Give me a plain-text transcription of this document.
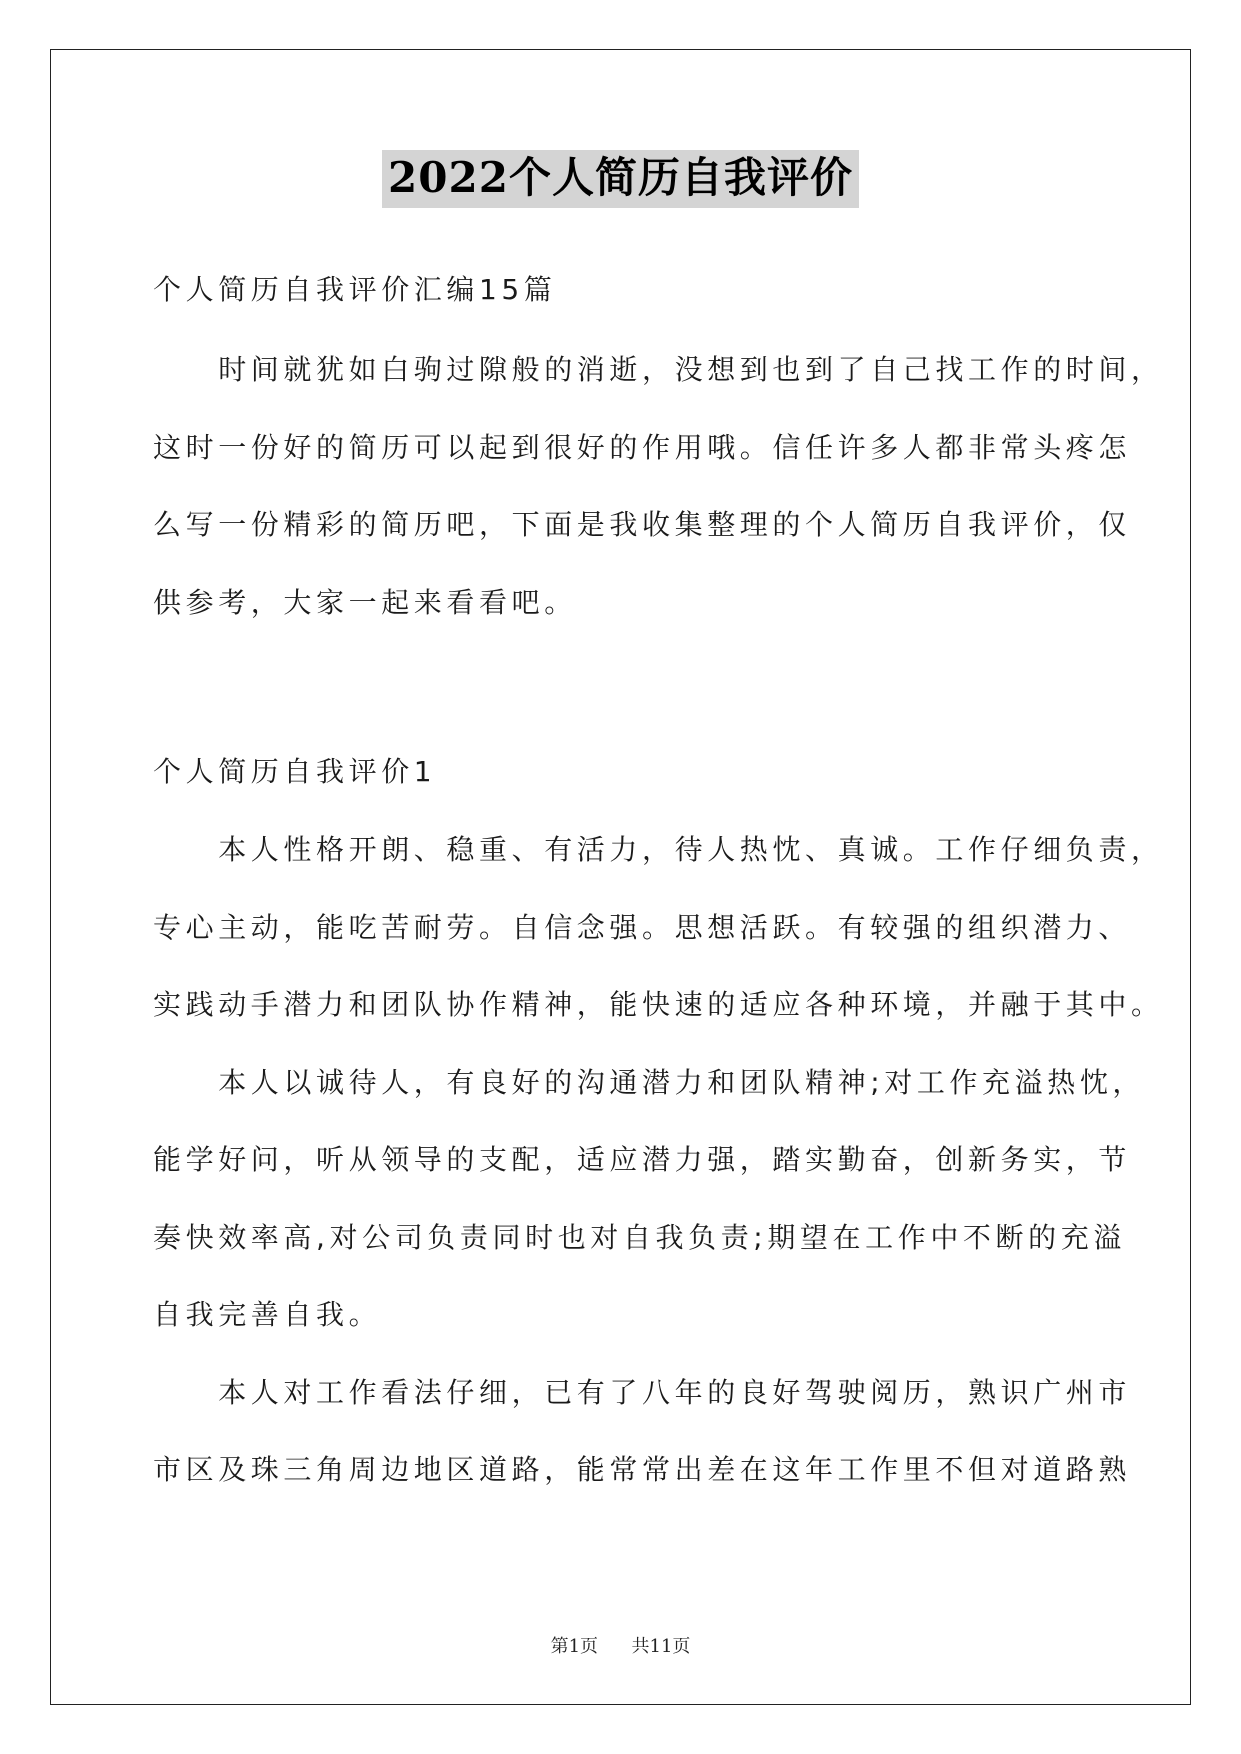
2022个人简历自我评价

个人简历自我评价汇编15篇

　　时间就犹如白驹过隙般的消逝，没想到也到了自己找工作的时间，
这时一份好的简历可以起到很好的作用哦。信任许多人都非常头疼怎
么写一份精彩的简历吧，下面是我收集整理的个人简历自我评价，仅
供参考，大家一起来看看吧。

个人简历自我评价1

　　本人性格开朗、稳重、有活力，待人热忱、真诚。工作仔细负责，
专心主动，能吃苦耐劳。自信念强。思想活跃。有较强的组织潜力、
实践动手潜力和团队协作精神，能快速的适应各种环境，并融于其中。
　　本人以诚待人，有良好的沟通潜力和团队精神;对工作充溢热忱，
能学好问，听从领导的支配，适应潜力强，踏实勤奋，创新务实，节
奏快效率高,对公司负责同时也对自我负责;期望在工作中不断的充溢
自我完善自我。
　　本人对工作看法仔细，已有了八年的良好驾驶阅历，熟识广州市
市区及珠三角周边地区道路，能常常出差在这年工作里不但对道路熟
第1页 共11页
